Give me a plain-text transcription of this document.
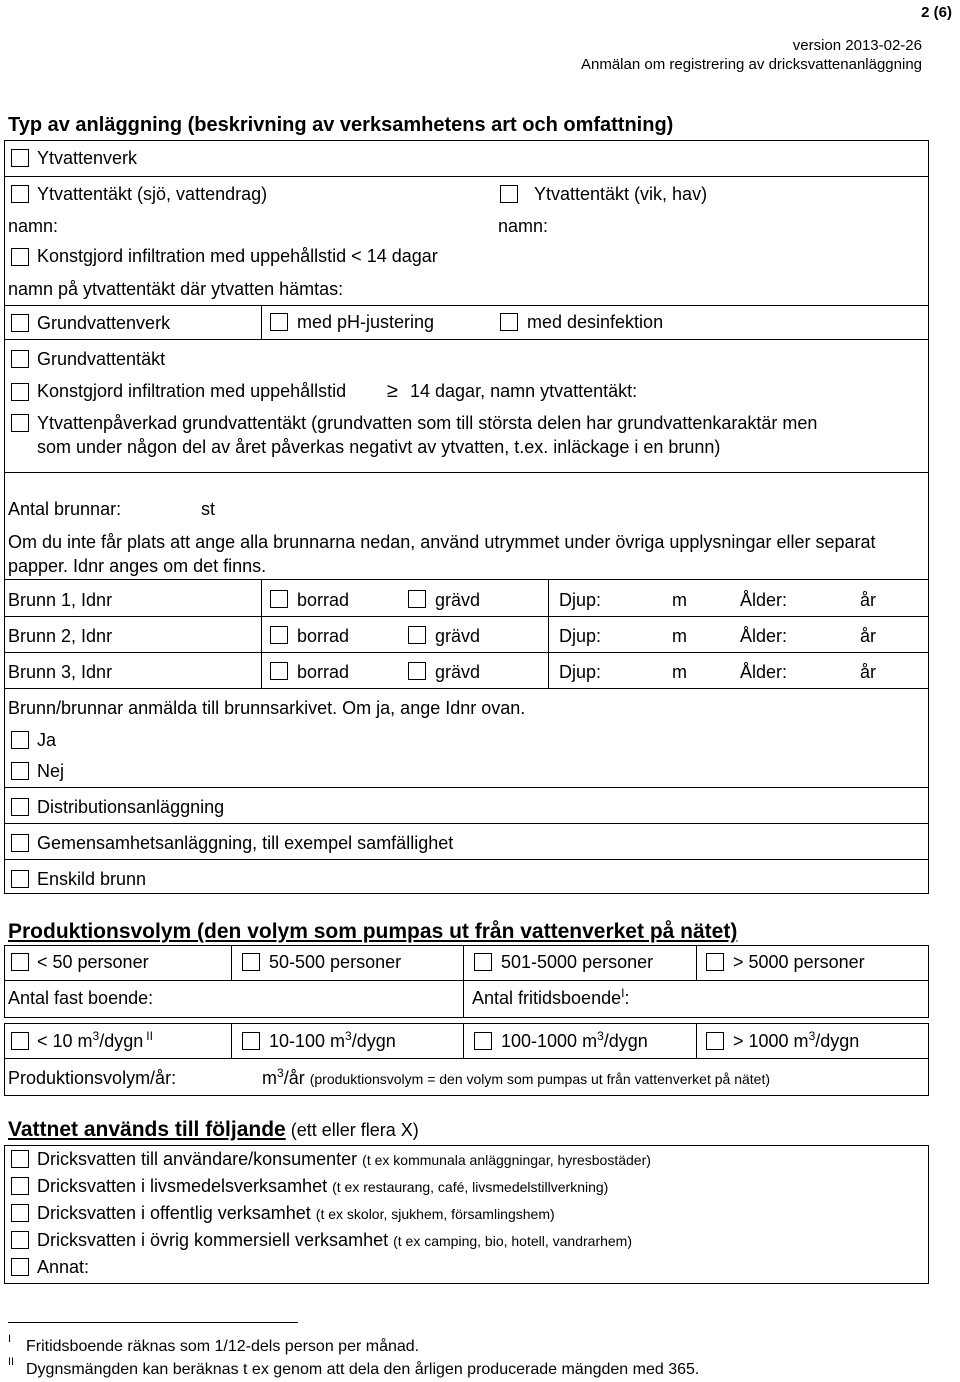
2 (6)
version 2013-02-26
Anmälan om registrering av dricksvattenanläggning
Typ av anläggning (beskrivning av verksamhetens art och omfattning)
Ytvattenverk
Ytvattentäkt (sjö, vattendrag)	Ytvattentäkt (vik, hav)
namn:	namn:
Konstgjord infiltration med uppehållstid < 14 dagar
namn på ytvattentäkt där ytvatten hämtas:
Grundvattenverk	med pH-justering	med desinfektion
Grundvattentäkt
Konstgjord infiltration med uppehållstid ≥ 14 dagar, namn ytvattentäkt:
Ytvattenpåverkad grundvattentäkt (grundvatten som till största delen har grundvattenkaraktär men
som under någon del av året påverkas negativt av ytvatten, t.ex. inläckage i en brunn)
Antal brunnar:	st
Om du inte får plats att ange alla brunnarna nedan, använd utrymmet under övriga upplysningar eller separat papper. Idnr anges om det finns.
Brunn 1, Idnr	borrad	grävd	Djup:	m	Ålder:	år
Brunn 2, Idnr	borrad	grävd	Djup:	m	Ålder:	år
Brunn 3, Idnr	borrad	grävd	Djup:	m	Ålder:	år
Brunn/brunnar anmälda till brunnsarkivet. Om ja, ange Idnr ovan.
Ja
Nej
Distributionsanläggning
Gemensamhetsanläggning, till exempel samfällighet
Enskild brunn
Produktionsvolym (den volym som pumpas ut från vattenverket på nätet)
< 50 personer	50-500 personer	501-5000 personer	> 5000 personer
Antal fast boende:	Antal fritidsboende$^I$:
< 10 $m^3$/dygn $^{II}$	10-100 $m^3$/dygn	100-1000 $m^3$/dygn	> 1000 $m^3$/dygn
Produktionsvolym/år:	$m^3/år$ (produktionsvolym = den volym som pumpas ut från vattenverket på nätet)
Vattnet används till följande (ett eller flera X)
Dricksvatten till användare/konsumenter (t ex kommunala anläggningar, hyresbostäder)
Dricksvatten i livsmedelsverksamhet (t ex restaurang, café, livsmedelstillverkning)
Dricksvatten i offentlig verksamhet (t ex skolor, sjukhem, församlingshem)
Dricksvatten i övrig kommersiell verksamhet (t ex camping, bio, hotell, vandrarhem)
Annat:
I Fritidsboende räknas som 1/12-dels person per månad.
II Dygnsmängden kan beräknas t ex genom att dela den årligen producerade mängden med 365.
